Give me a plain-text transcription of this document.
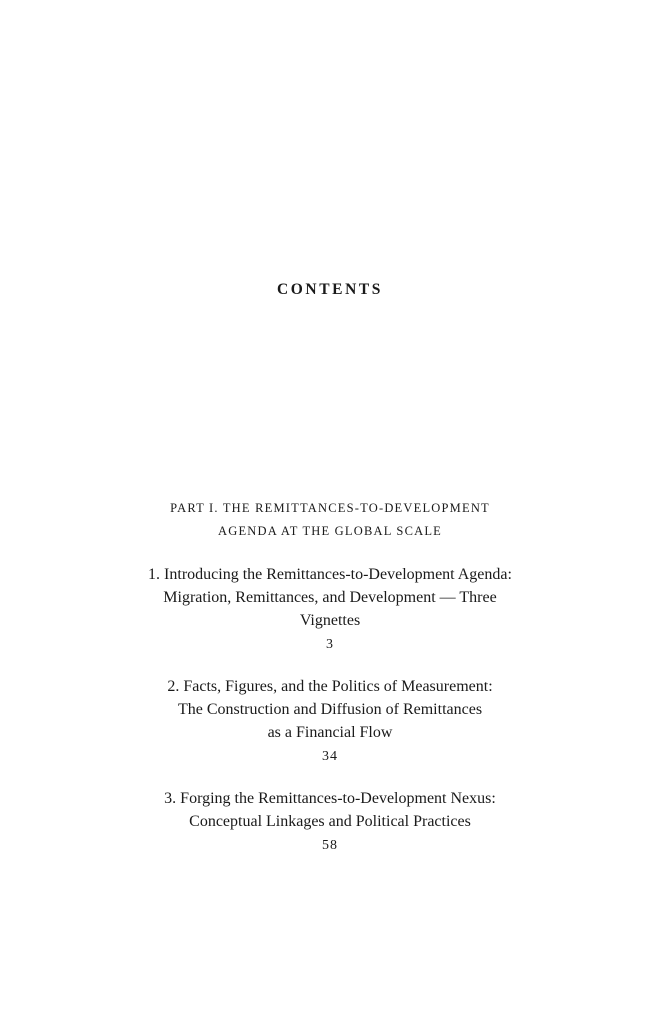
CONTENTS
PART I. THE REMITTANCES-TO-DEVELOPMENT
AGENDA AT THE GLOBAL SCALE
1. Introducing the Remittances-to-Development Agenda:
Migration, Remittances, and Development — Three
Vignettes
3
2. Facts, Figures, and the Politics of Measurement:
The Construction and Diffusion of Remittances
as a Financial Flow
34
3. Forging the Remittances-to-Development Nexus:
Conceptual Linkages and Political Practices
58
